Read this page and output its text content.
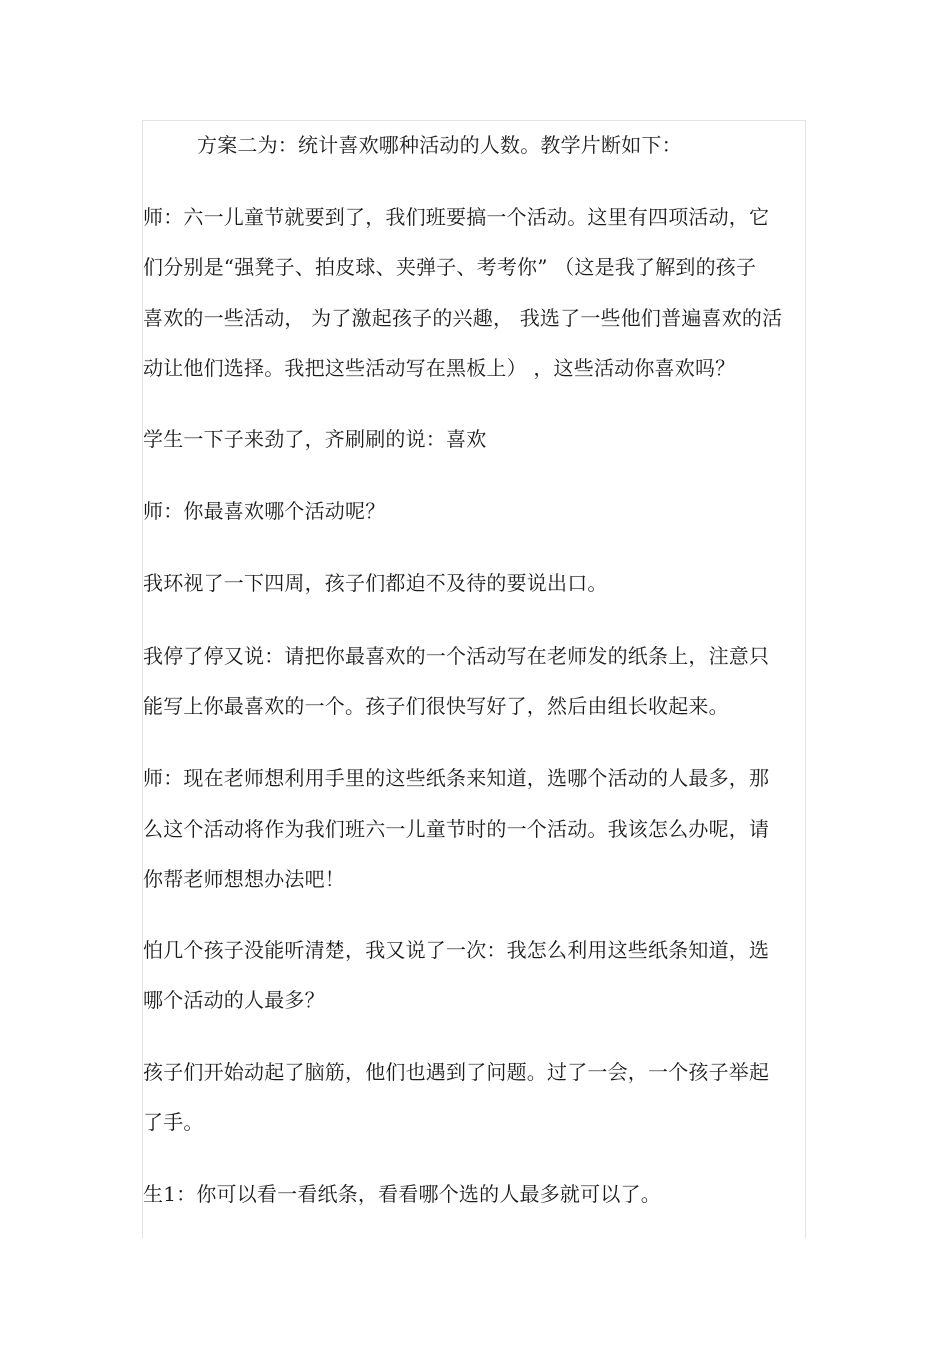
方案二为：统计喜欢哪种活动的人数。教学片断如下：
师：六一儿童节就要到了，我们班要搞一个活动。这里有四项活动，它
们分别是“强凳子、拍皮球、夹弹子、考考你” （这是我了解到的孩子
喜欢的一些活动， 为了激起孩子的兴趣， 我选了一些他们普遍喜欢的活
动让他们选择。我把这些活动写在黑板上） ，这些活动你喜欢吗？
学生一下子来劲了，齐刷刷的说：喜欢
师：你最喜欢哪个活动呢？
我环视了一下四周，孩子们都迫不及待的要说出口。
我停了停又说：请把你最喜欢的一个活动写在老师发的纸条上，注意只
能写上你最喜欢的一个。孩子们很快写好了，然后由组长收起来。
师：现在老师想利用手里的这些纸条来知道，选哪个活动的人最多，那
么这个活动将作为我们班六一儿童节时的一个活动。我该怎么办呢，请
你帮老师想想办法吧！
怕几个孩子没能听清楚，我又说了一次：我怎么利用这些纸条知道，选
哪个活动的人最多？
孩子们开始动起了脑筋，他们也遇到了问题。过了一会，一个孩子举起
了手。
生1：你可以看一看纸条，看看哪个选的人最多就可以了。
